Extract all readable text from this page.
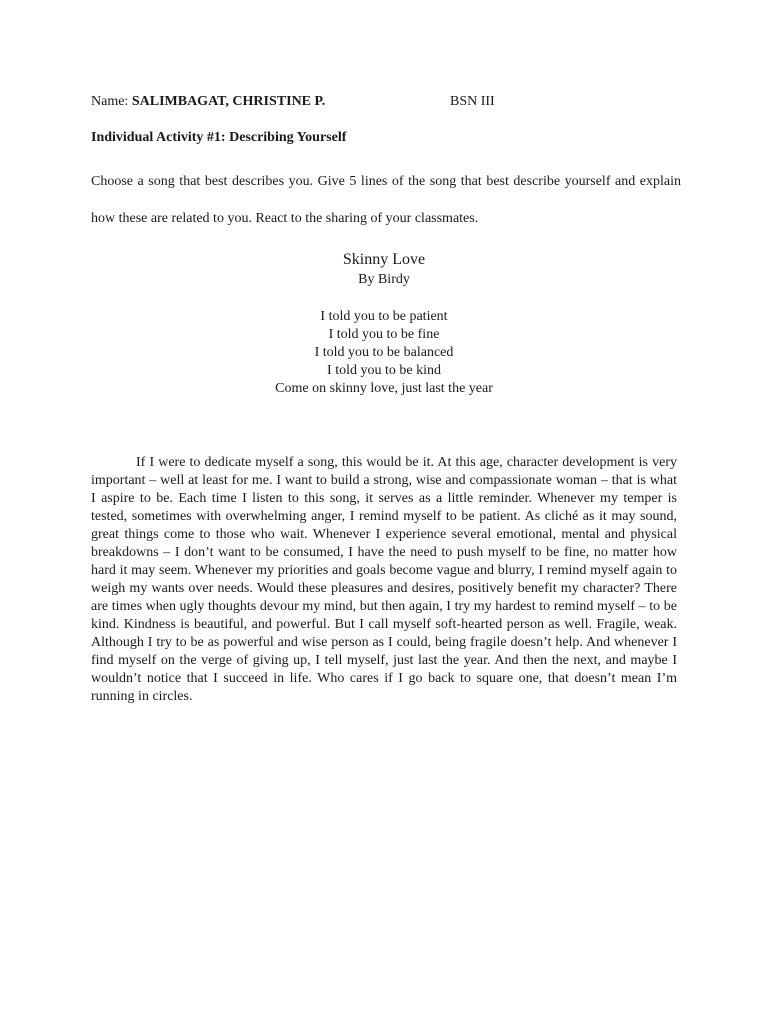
Name: SALIMBAGAT, CHRISTINE P.	BSN III
Individual Activity #1: Describing Yourself
Choose a song that best describes you. Give 5 lines of the song that best describe yourself and explain how these are related to you. React to the sharing of your classmates.
Skinny Love
By Birdy
I told you to be patient
I told you to be fine
I told you to be balanced
I told you to be kind
Come on skinny love, just last the year
If I were to dedicate myself a song, this would be it. At this age, character development is very important – well at least for me. I want to build a strong, wise and compassionate woman – that is what I aspire to be. Each time I listen to this song, it serves as a little reminder. Whenever my temper is tested, sometimes with overwhelming anger, I remind myself to be patient. As cliché as it may sound, great things come to those who wait. Whenever I experience several emotional, mental and physical breakdowns – I don’t want to be consumed, I have the need to push myself to be fine, no matter how hard it may seem. Whenever my priorities and goals become vague and blurry, I remind myself again to weigh my wants over needs. Would these pleasures and desires, positively benefit my character? There are times when ugly thoughts devour my mind, but then again, I try my hardest to remind myself – to be kind. Kindness is beautiful, and powerful. But I call myself soft-hearted person as well. Fragile, weak. Although I try to be as powerful and wise person as I could, being fragile doesn’t help. And whenever I find myself on the verge of giving up, I tell myself, just last the year. And then the next, and maybe I wouldn’t notice that I succeed in life. Who cares if I go back to square one, that doesn’t mean I’m running in circles.
